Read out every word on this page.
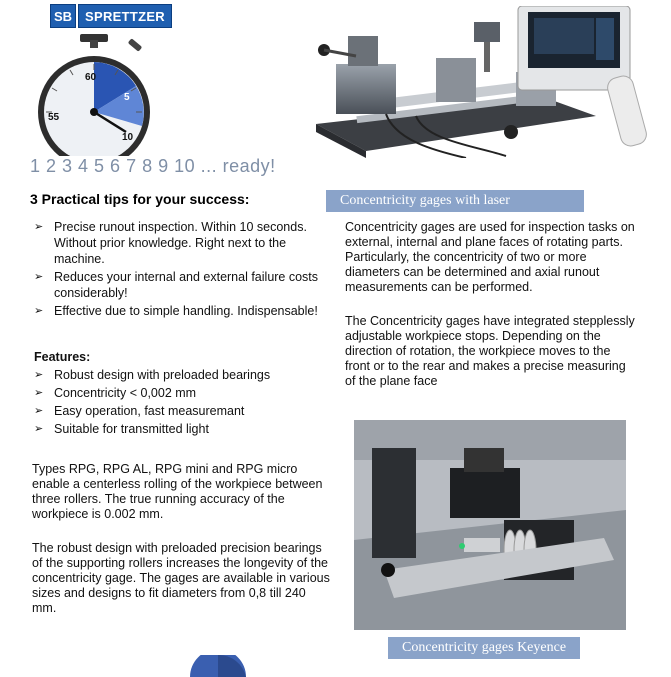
SB SPRETTZER
55
60
5
10
1 2 3 4 5 6 7 8 9 10 ... ready!
3 Practical tips for your success:
➢ Precise runout inspection. Within 10 seconds. Without prior knowledge. Right next to the machine.
➢ Reduces your internal and external failure costs considerably!
➢ Effective due to simple handling. Indispensable!
Features:
➢ Robust design with preloaded bearings
➢ Concentricity < 0,002 mm
➢ Easy operation, fast measuremant
➢ Suitable for transmitted light
Types RPG, RPG AL, RPG mini and RPG micro enable a centerless rolling of the workpiece between three rollers. The true running accuracy of the workpiece is 0.002 mm.
The robust design with preloaded precision bearings of the supporting rollers increases the longevity of the concentricity gage. The gages are available in various sizes and designs to fit diameters from 0,8 till 240 mm.
Concentricity gages with laser
Concentricity gages are used for inspection tasks on external, internal and plane faces of rotating parts. Particularly, the concentricity of two or more diameters can be determined and axial runout measurements can be performed.
The Concentricity gages have integrated stepplessly adjustable workpiece stops. Depending on the direction of rotation, the workpiece moves to the front or to the rear and makes a precise measuring of the plane face
Concentricity gages Keyence
